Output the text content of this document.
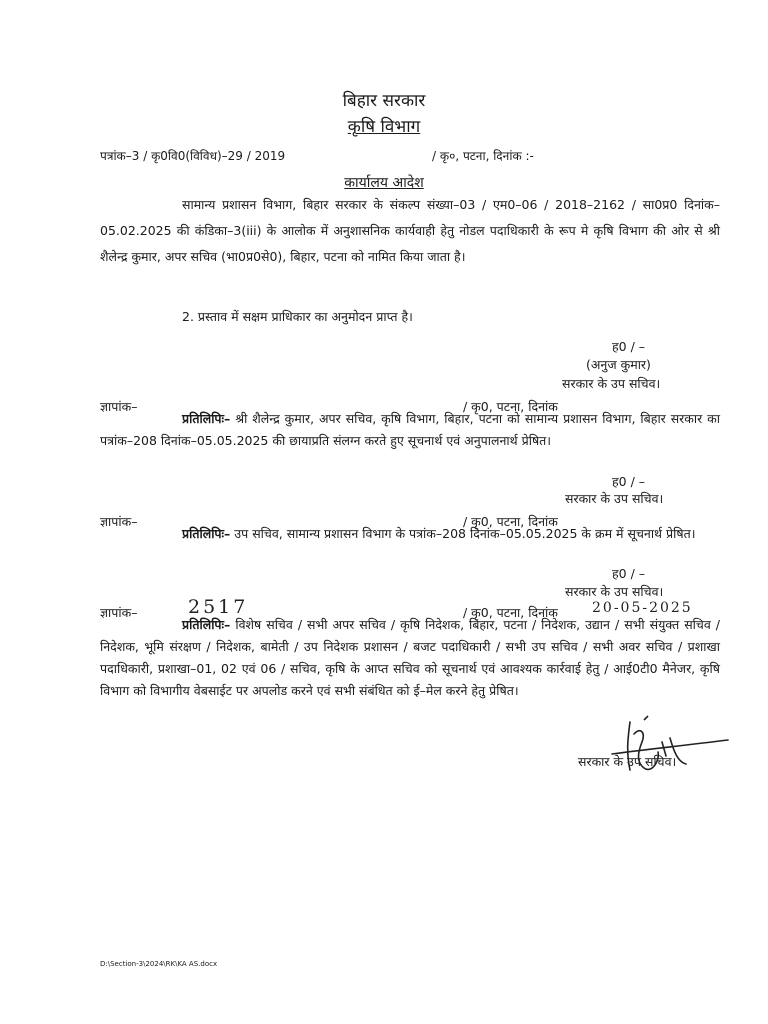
बिहार सरकार
कृषि विभाग
पत्रांक–3 / कृ0वि0(विविध)–29 / 2019	/ कृ०, पटना, दिनांक :-
कार्यालय आदेश
सामान्य प्रशासन विभाग, बिहार सरकार के संकल्प संख्या–03 / एम0–06 / 2018–2162 / सा0प्र0 दिनांक–05.02.2025 की कंडिका–3(iii) के आलोक में अनुशासनिक कार्यवाही हेतु नोडल पदाधिकारी के रूप मे कृषि विभाग की ओर से श्री शैलेन्द्र कुमार, अपर सचिव (भा0प्र0से0), बिहार, पटना को नामित किया जाता है।
2. प्रस्ताव में सक्षम प्राधिकार का अनुमोदन प्राप्त है।
ह0 / –
(अनुज कुमार)
सरकार के उप सचिव।
ज्ञापांक–	/ कृ0, पटना, दिनांक
प्रतिलिपिः– श्री शैलेन्द्र कुमार, अपर सचिव, कृषि विभाग, बिहार, पटना को सामान्य प्रशासन विभाग, बिहार सरकार का पत्रांक–208 दिनांक–05.05.2025 की छायाप्रति संलग्न करते हुए सूचनार्थ एवं अनुपालनार्थ प्रेषित।
ह0 / –
सरकार के उप सचिव।
ज्ञापांक–	/ कृ0, पटना, दिनांक
प्रतिलिपिः– उप सचिव, सामान्य प्रशासन विभाग के पत्रांक–208 दिनांक–05.05.2025 के क्रम में सूचनार्थ प्रेषित।
ह0 / –
सरकार के उप सचिव।
ज्ञापांक–	2517	/ कृ0, पटना, दिनांक 20-05-2025
प्रतिलिपिः– विशेष सचिव / सभी अपर सचिव / कृषि निदेशक, बिहार, पटना / निदेशक, उद्यान / सभी संयुक्त सचिव / निदेशक, भूमि संरक्षण / निदेशक, बामेती / उप निदेशक प्रशासन / बजट पदाधिकारी / सभी उप सचिव / सभी अवर सचिव / प्रशाखा पदाधिकारी, प्रशाखा–01, 02 एवं 06 / सचिव, कृषि के आप्त सचिव को सूचनार्थ एवं आवश्यक कार्रवाई हेतु / आई0टी0 मैनेजर, कृषि विभाग को विभागीय वेबसाईट पर अपलोड करने एवं सभी संबंधित को ई–मेल करने हेतु प्रेषित।
सरकार के उप सचिव।
D:\Section-3\2024\RK\KA AS.docx
